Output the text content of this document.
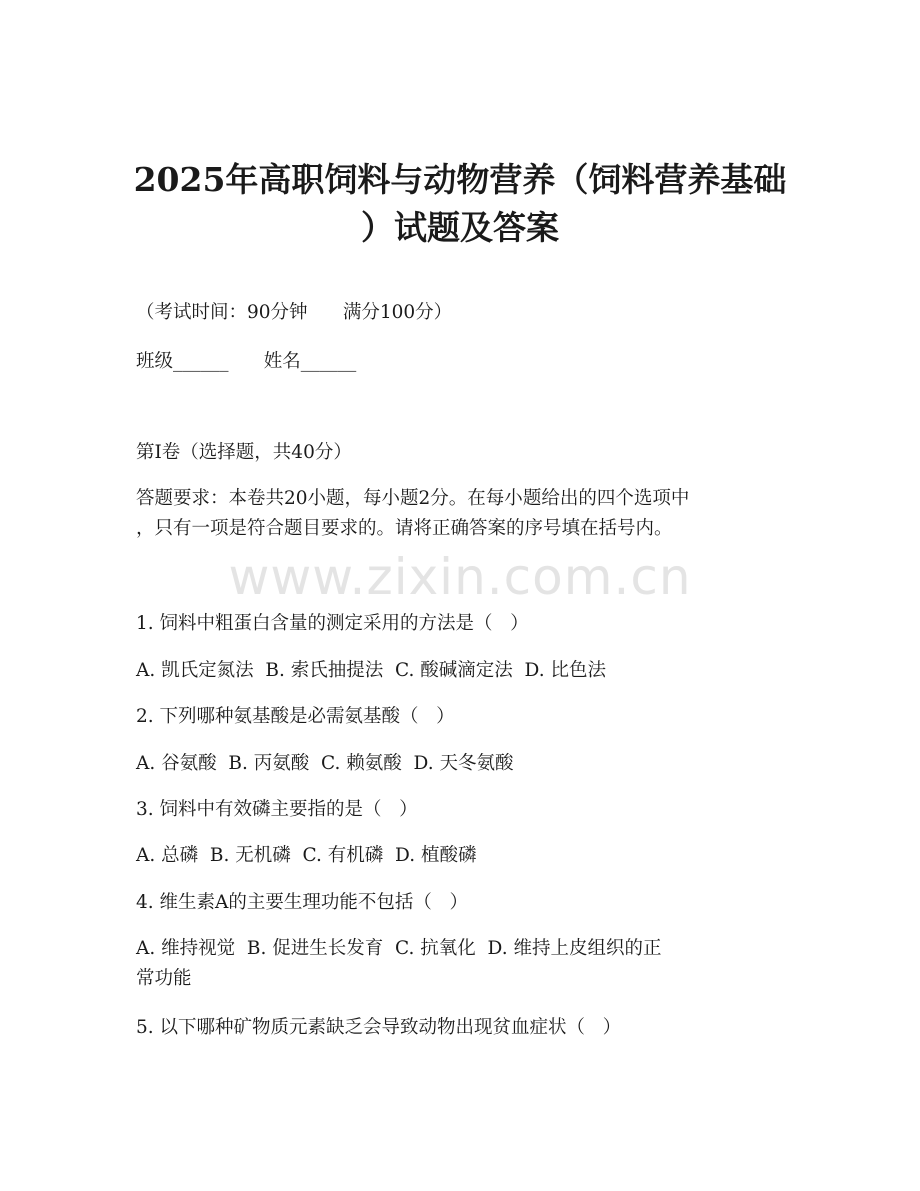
2025年高职饲料与动物营养（饲料营养基础
）试题及答案
（考试时间：90分钟      满分100分）
班级______      姓名______
第I卷（选择题，共40分）
答题要求：本卷共20小题，每小题2分。在每小题给出的四个选项中
，只有一项是符合题目要求的。请将正确答案的序号填在括号内。
www.zixin.com.cn
1. 饲料中粗蛋白含量的测定采用的方法是（   ）
A. 凯氏定氮法  B. 索氏抽提法  C. 酸碱滴定法  D. 比色法
2. 下列哪种氨基酸是必需氨基酸（   ）
A. 谷氨酸  B. 丙氨酸  C. 赖氨酸  D. 天冬氨酸
3. 饲料中有效磷主要指的是（   ）
A. 总磷  B. 无机磷  C. 有机磷  D. 植酸磷
4. 维生素A的主要生理功能不包括（   ）
A. 维持视觉  B. 促进生长发育  C. 抗氧化  D. 维持上皮组织的正
常功能
5. 以下哪种矿物质元素缺乏会导致动物出现贫血症状（   ）
